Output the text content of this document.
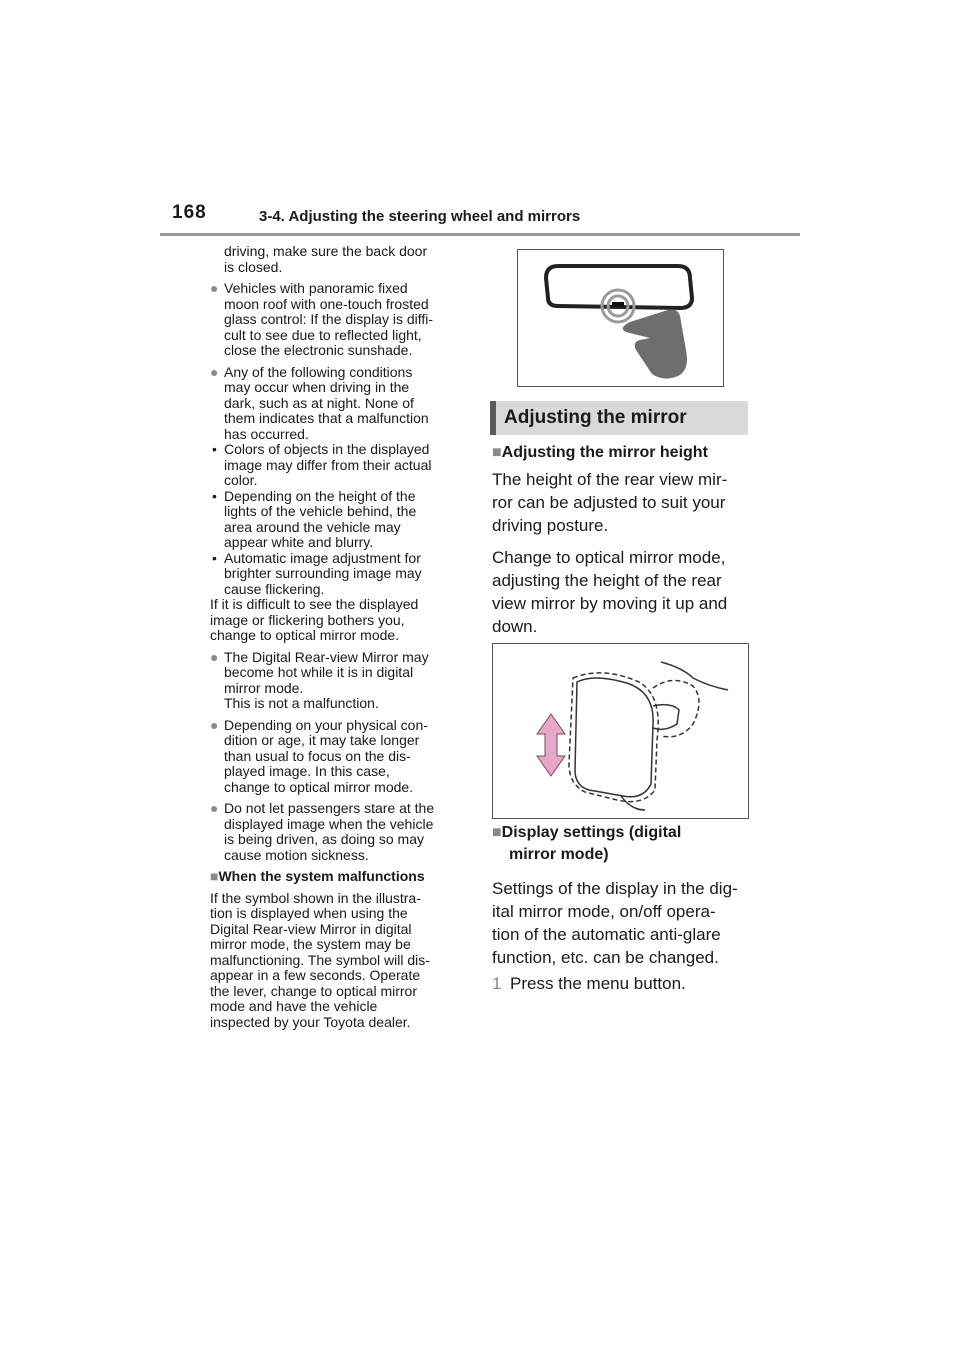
168	3-4. Adjusting the steering wheel and mirrors

driving, make sure the back door
is closed.

● Vehicles with panoramic fixed
moon roof with one-touch frosted
glass control: If the display is diffi-
cult to see due to reflected light,
close the electronic sunshade.

● Any of the following conditions
may occur when driving in the
dark, such as at night. None of
them indicates that a malfunction
has occurred.

• Colors of objects in the displayed
image may differ from their actual
color.

• Depending on the height of the
lights of the vehicle behind, the
area around the vehicle may
appear white and blurry.

• Automatic image adjustment for
brighter surrounding image may
cause flickering.

If it is difficult to see the displayed
image or flickering bothers you,
change to optical mirror mode.

● The Digital Rear-view Mirror may
become hot while it is in digital
mirror mode.
This is not a malfunction.

● Depending on your physical con-
dition or age, it may take longer
than usual to focus on the dis-
played image. In this case,
change to optical mirror mode.

● Do not let passengers stare at the
displayed image when the vehicle
is being driven, as doing so may
cause motion sickness.

■When the system malfunctions

If the symbol shown in the illustra-
tion is displayed when using the
Digital Rear-view Mirror in digital
mirror mode, the system may be
malfunctioning. The symbol will dis-
appear in a few seconds. Operate
the lever, change to optical mirror
mode and have the vehicle
inspected by your Toyota dealer.

Adjusting the mirror
■Adjusting the mirror height

The height of the rear view mir-
ror can be adjusted to suit your
driving posture.

Change to optical mirror mode,
adjusting the height of the rear
view mirror by moving it up and
down.

■Display settings (digital
mirror mode)

Settings of the display in the dig-
ital mirror mode, on/off opera-
tion of the automatic anti-glare
function, etc. can be changed.

1 Press the menu button.
